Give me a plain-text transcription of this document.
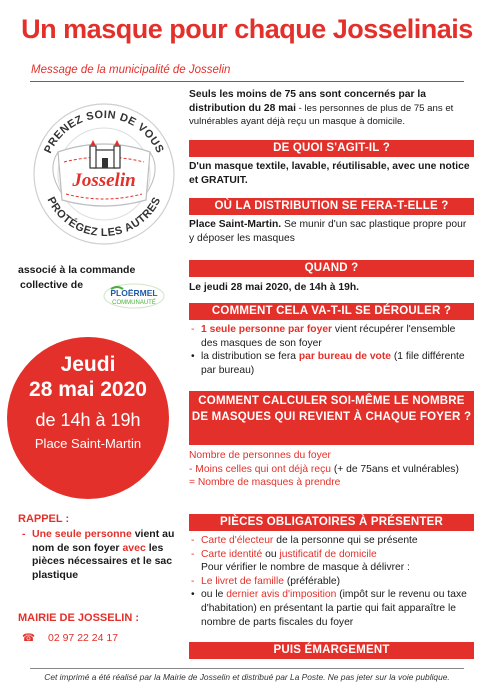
Un masque pour chaque Josselinais
Message de la municipalité de Josselin
PRENEZ SOIN DE VOUS
PROTÉGEZ LES AUTRES
Josselin
associé à la commande
collective de
PLOËRMEL
COMMUNAUTÉ
Jeudi
28 mai 2020
de 14h à 19h
Place Saint-Martin
RAPPEL :
- Une seule personne vient au nom de son foyer avec les pièces nécessaires et le sac plastique
MAIRIE DE JOSSELIN :
☎ 02 97 22 24 17
Seuls les moins de 75 ans sont concernés par la distribution du 28 mai - les personnes de plus de 75 ans et vulnérables ayant déjà reçu un masque à domicile.
DE QUOI S'AGIT-IL ?
D'un masque textile, lavable, réutilisable, avec une notice et GRATUIT.
OÙ LA DISTRIBUTION SE FERA-T-ELLE ?
Place Saint-Martin. Se munir d'un sac plastique propre pour y déposer les masques
QUAND ?
Le jeudi 28 mai 2020, de 14h à 19h.
COMMENT CELA VA-T-IL SE DÉROULER ?
- 1 seule personne par foyer vient récupérer l'ensemble des masques de son foyer
• la distribution se fera par bureau de vote (1 file différente par bureau)
COMMENT CALCULER SOI-MÊME LE NOMBRE DE MASQUES QUI REVIENT À CHAQUE FOYER ?
Nombre de personnes du foyer
- Moins celles qui ont déjà reçu (+ de 75ans et vulnérables)
= Nombre de masques à prendre
PIÈCES OBLIGATOIRES À PRÉSENTER
- Carte d'électeur de la personne qui se présente
- Carte identité ou justificatif de domicile
Pour vérifier le nombre de masque à délivrer :
- Le livret de famille (préférable)
• ou le dernier avis d'imposition (impôt sur le revenu ou taxe d'habitation) en présentant la partie qui fait apparaître le nombre de parts fiscales du foyer
PUIS ÉMARGEMENT
Cet imprimé a été réalisé par la Mairie de Josselin et distribué par La Poste. Ne pas jeter sur la voie publique.
